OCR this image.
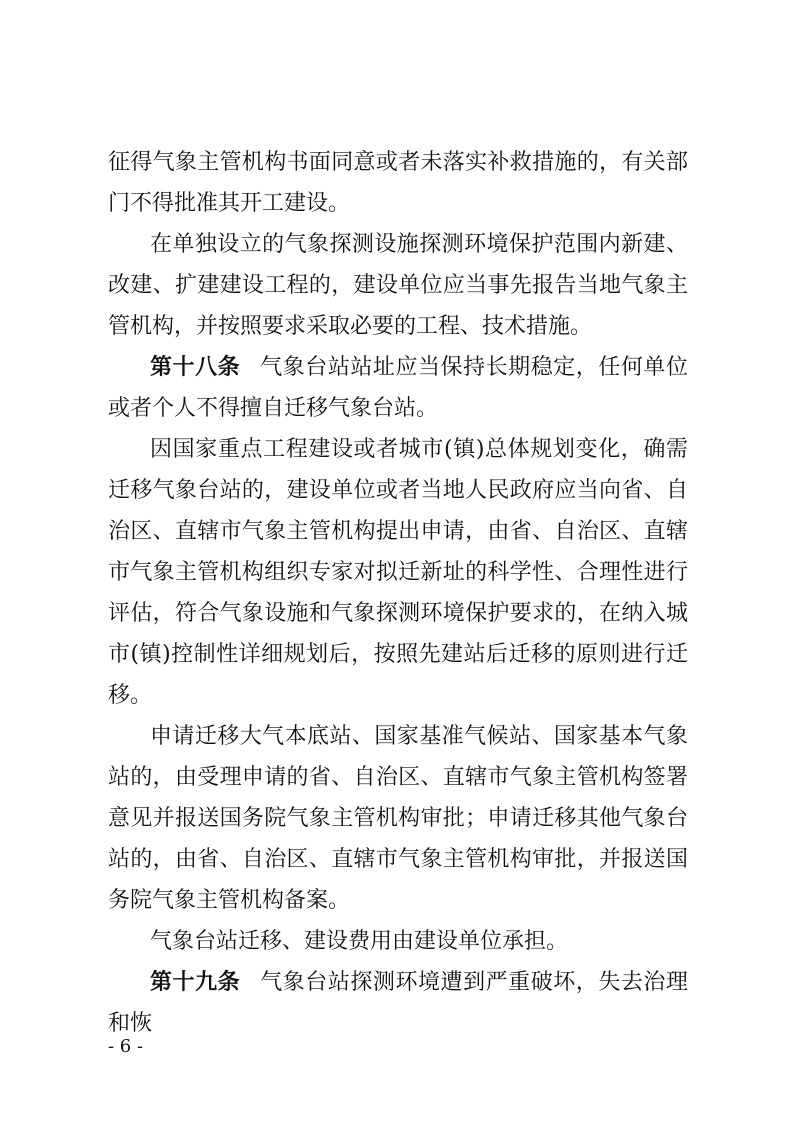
征得气象主管机构书面同意或者未落实补救措施的，有关部门不得批准其开工建设。

在单独设立的气象探测设施探测环境保护范围内新建、改建、扩建建设工程的，建设单位应当事先报告当地气象主管机构，并按照要求采取必要的工程、技术措施。

第十八条 气象台站站址应当保持长期稳定，任何单位或者个人不得擅自迁移气象台站。

因国家重点工程建设或者城市(镇)总体规划变化，确需迁移气象台站的，建设单位或者当地人民政府应当向省、自治区、直辖市气象主管机构提出申请，由省、自治区、直辖市气象主管机构组织专家对拟迁新址的科学性、合理性进行评估，符合气象设施和气象探测环境保护要求的，在纳入城市(镇)控制性详细规划后，按照先建站后迁移的原则进行迁移。

申请迁移大气本底站、国家基准气候站、国家基本气象站的，由受理申请的省、自治区、直辖市气象主管机构签署意见并报送国务院气象主管机构审批；申请迁移其他气象台站的，由省、自治区、直辖市气象主管机构审批，并报送国务院气象主管机构备案。

气象台站迁移、建设费用由建设单位承担。

第十九条 气象台站探测环境遭到严重破坏，失去治理和恢

- 6 -
